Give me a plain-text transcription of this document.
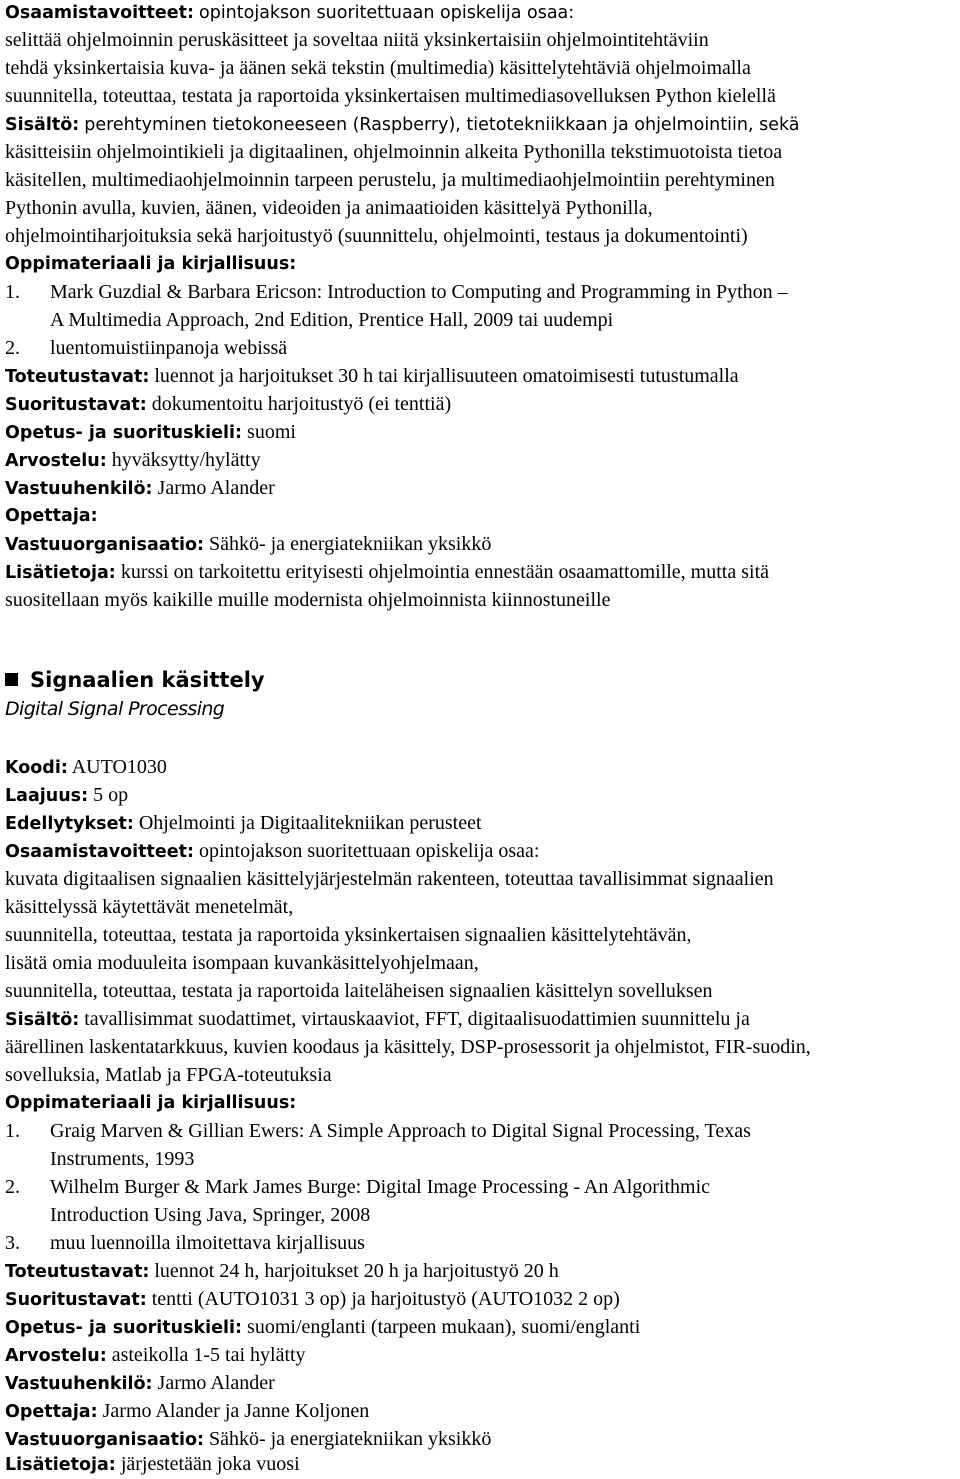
Osaamistavoitteet: opintojakson suoritettuaan opiskelija osaa:
selittää ohjelmoinnin peruskäsitteet ja soveltaa niitä yksinkertaisiin ohjelmointitehtäviin
tehdä yksinkertaisia kuva- ja äänen sekä tekstin (multimedia) käsittelytehtäviä ohjelmoimalla
suunnitella, toteuttaa, testata ja raportoida yksinkertaisen multimediasovelluksen Python kielellä
Sisältö: perehtyminen tietokoneeseen (Raspberry), tietotekniikkaan ja ohjelmointiin, sekä
käsitteisiin ohjelmointikieli ja digitaalinen, ohjelmoinnin alkeita Pythonilla tekstimuotoista tietoa
käsitellen, multimediaohjelmoinnin tarpeen perustelu, ja multimediaohjelmointiin perehtyminen
Pythonin avulla, kuvien, äänen, videoiden ja animaatioiden käsittelyä Pythonilla,
ohjelmointiharjoituksia sekä harjoitustyö (suunnittelu, ohjelmointi, testaus ja dokumentointi)
Oppimateriaali ja kirjallisuus:
1. Mark Guzdial & Barbara Ericson: Introduction to Computing and Programming in Python –
A Multimedia Approach, 2nd Edition, Prentice Hall, 2009 tai uudempi
2. luentomuistiinpanoja webissä
Toteutustavat: luennot ja harjoitukset 30 h tai kirjallisuuteen omatoimisesti tutustumalla
Suoritustavat: dokumentoitu harjoitustyö (ei tenttiä)
Opetus- ja suorituskieli: suomi
Arvostelu: hyväksytty/hylätty
Vastuuhenkilö: Jarmo Alander
Opettaja:
Vastuuorganisaatio: Sähkö- ja energiatekniikan yksikkö
Lisätietoja: kurssi on tarkoitettu erityisesti ohjelmointia ennestään osaamattomille, mutta sitä
suositellaan myös kaikille muille modernista ohjelmoinnista kiinnostuneille
Signaalien käsittely
Digital Signal Processing
Koodi: AUTO1030
Laajuus: 5 op
Edellytykset: Ohjelmointi ja Digitaalitekniikan perusteet
Osaamistavoitteet: opintojakson suoritettuaan opiskelija osaa:
kuvata digitaalisen signaalien käsittelyjärjestelmän rakenteen, toteuttaa tavallisimmat signaalien
käsittelyssä käytettävät menetelmät,
suunnitella, toteuttaa, testata ja raportoida yksinkertaisen signaalien käsittelytehtävän,
lisätä omia moduuleita isompaan kuvankäsittelyohjelmaan,
suunnitella, toteuttaa, testata ja raportoida laiteläheisen signaalien käsittelyn sovelluksen
Sisältö: tavallisimmat suodattimet, virtauskaaviot, FFT, digitaalisuodattimien suunnittelu ja
äärellinen laskentatarkkuus, kuvien koodaus ja käsittely, DSP-prosessorit ja ohjelmistot, FIR-suodin,
sovelluksia, Matlab ja FPGA-toteutuksia
Oppimateriaali ja kirjallisuus:
1. Graig Marven & Gillian Ewers: A Simple Approach to Digital Signal Processing, Texas
Instruments, 1993
2. Wilhelm Burger & Mark James Burge: Digital Image Processing - An Algorithmic
Introduction Using Java, Springer, 2008
3. muu luennoilla ilmoitettava kirjallisuus
Toteutustavat: luennot 24 h, harjoitukset 20 h ja harjoitustyö 20 h
Suoritustavat: tentti (AUTO1031 3 op) ja harjoitustyö (AUTO1032 2 op)
Opetus- ja suorituskieli: suomi/englanti (tarpeen mukaan), suomi/englanti
Arvostelu: asteikolla 1-5 tai hylätty
Vastuuhenkilö: Jarmo Alander
Opettaja: Jarmo Alander ja Janne Koljonen
Vastuuorganisaatio: Sähkö- ja energiatekniikan yksikkö
Lisätietoja: järjestetään joka vuosi
